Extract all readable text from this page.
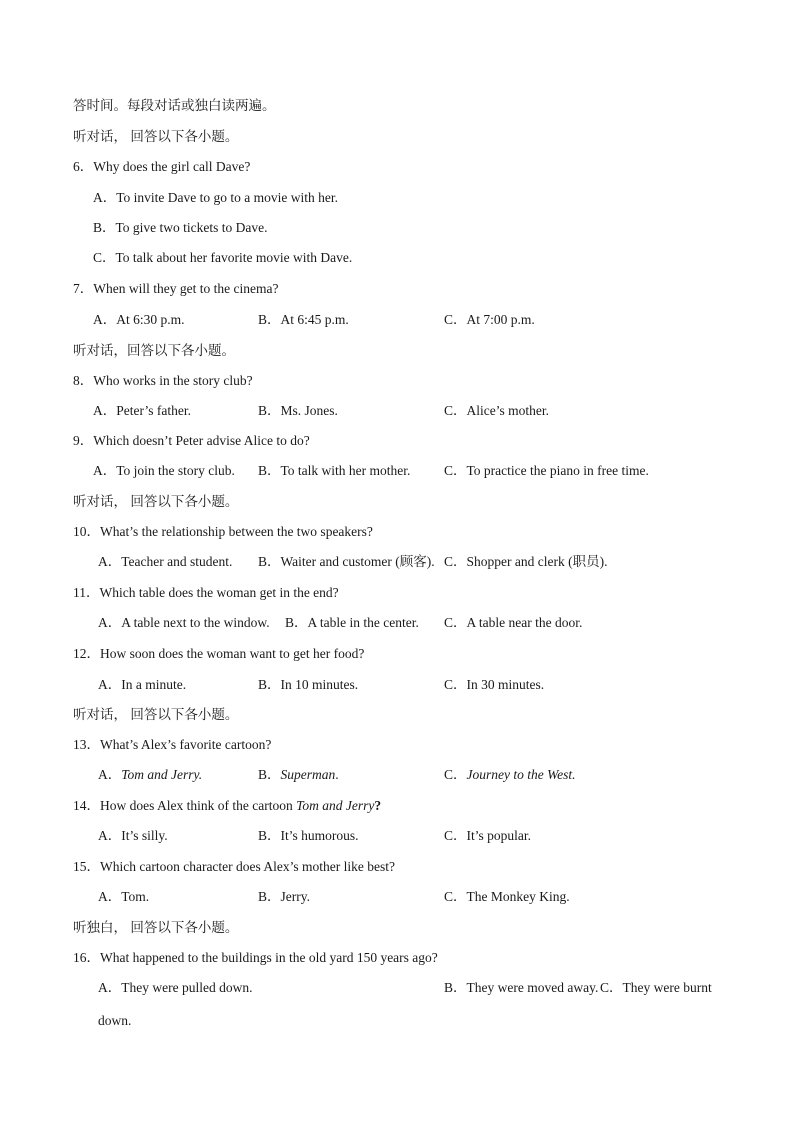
答时间。每段对话或独白读两遍。
听对话， 回答以下各小题。
6．Why does the girl call Dave?
A．To invite Dave to go to a movie with her.
B．To give two tickets to Dave.
C．To talk about her favorite movie with Dave.
7．When will they get to the cinema?
A．At 6:30 p.m.	B．At 6:45 p.m.	C．At 7:00 p.m.
听对话，回答以下各小题。
8．Who works in the story club?
A．Peter’s father.	B．Ms. Jones.	C．Alice’s mother.
9．Which doesn’t Peter advise Alice to do?
A．To join the story club. B．To talk with her mother. C．To practice the piano in free time.
听对话， 回答以下各小题。
10．What’s the relationship between the two speakers?
A．Teacher and student. B．Waiter and customer (顾客). C．Shopper and clerk (职员).
11．Which table does the woman get in the end?
A．A table next to the window. B．A table in the center. C．A table near the door.
12．How soon does the woman want to get her food?
A．In a minute.	B．In 10 minutes.	C．In 30 minutes.
听对话， 回答以下各小题。
13．What’s Alex’s favorite cartoon?
A．Tom and Jerry.	B．Superman.	C．Journey to the West.
14．How does Alex think of the cartoon Tom and Jerry?
A．It’s silly.	B．It’s humorous.	C．It’s popular.
15．Which cartoon character does Alex’s mother like best?
A．Tom.	B．Jerry.	C．The Monkey King.
听独白， 回答以下各小题。
16．What happened to the buildings in the old yard 150 years ago?
A．They were pulled down.	B．They were moved away. C．They were burnt
down.
